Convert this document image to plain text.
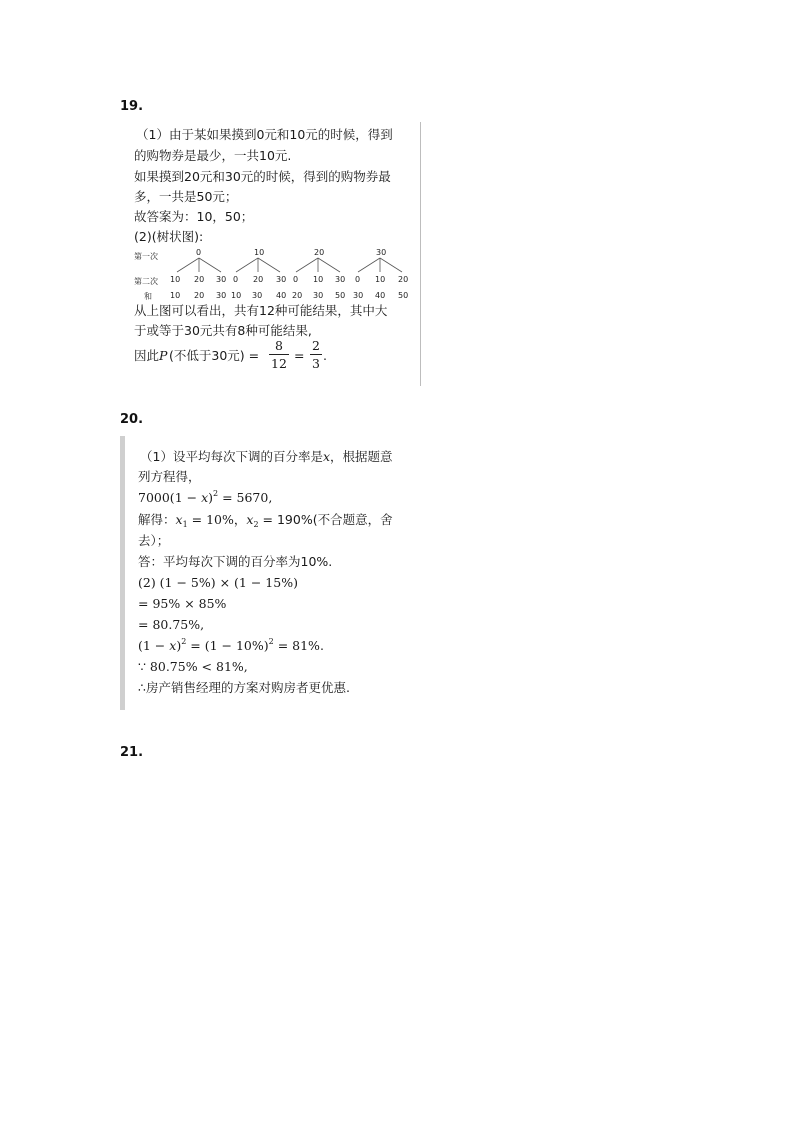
19.
（1）由于某如果摸到0元和10元的时候，得到
的购物券是最少，一共10元.
如果摸到20元和30元的时候，得到的购物券最
多，一共是50元；
故答案为：10，50；
(2)(树状图):
第一次
第二次
和
0	10	20	30
10 20 30 0 20 30 0 10 30 0 10 20
10 20 30 10 30 40 20 30 50 30 40 50
从上图可以看出，共有12种可能结果，其中大
于或等于30元共有8种可能结果,
因此 P (不低于30元) =
8
12
=
2
3
.
20.
（1）设平均每次下调的百分率是x，根据题意
列方程得，
$7000(1 - x)^2 = 5670$,
解得：$x_1 = 10\%$，$x_2 = 190\%$(不合题意，舍
去）；
答：平均每次下调的百分率为10%.
(2) (1 − 5%) × (1 − 15%)
= 95% × 85%
= 80.75%,
$(1 - x)^2 = (1 - 10\%)^2 = 81\%$.
∵ 80.75% < 81%,
∴房产销售经理的方案对购房者更优惠.
21.
